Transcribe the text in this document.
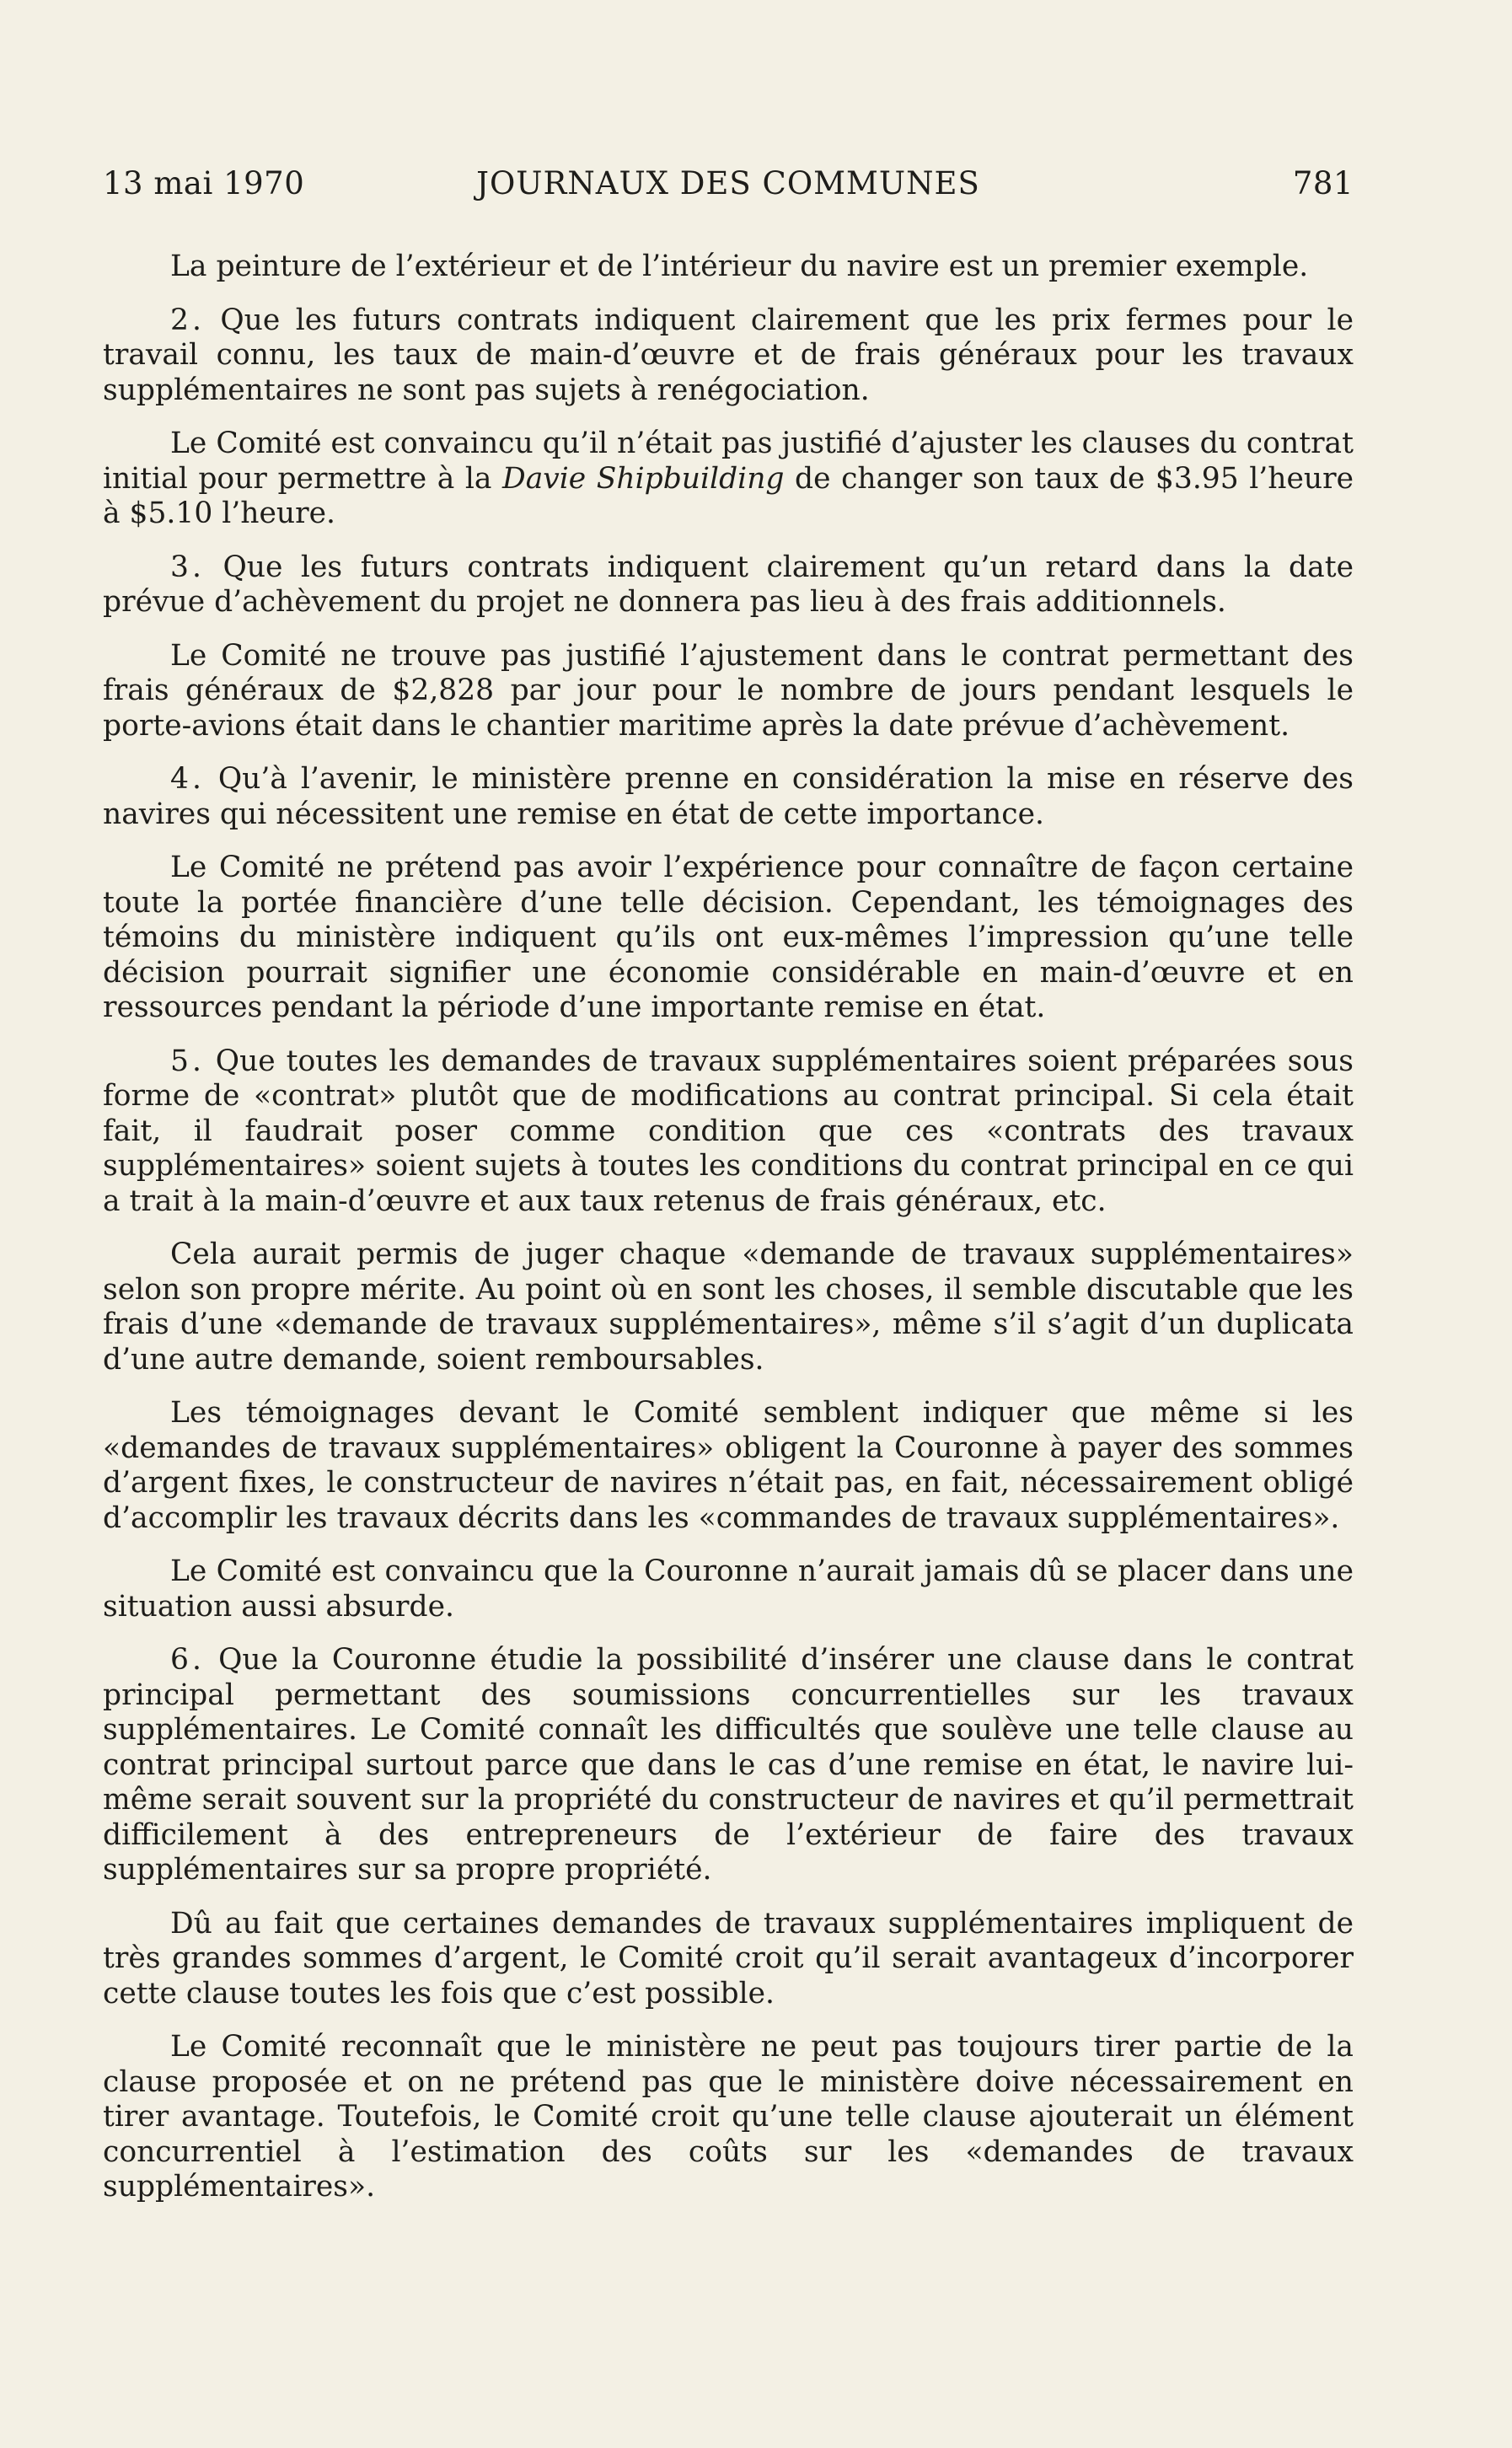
13 mai 1970	JOURNAUX DES COMMUNES	781

La peinture de l’extérieur et de l’intérieur du navire est un premier exemple.

2. Que les futurs contrats indiquent clairement que les prix fermes pour le travail connu, les taux de main-d’œuvre et de frais généraux pour les travaux supplémentaires ne sont pas sujets à renégociation.

Le Comité est convaincu qu’il n’était pas justifié d’ajuster les clauses du contrat initial pour permettre à la Davie Shipbuilding de changer son taux de $3.95 l’heure à $5.10 l’heure.

3. Que les futurs contrats indiquent clairement qu’un retard dans la date prévue d’achèvement du projet ne donnera pas lieu à des frais additionnels.

Le Comité ne trouve pas justifié l’ajustement dans le contrat permettant des frais généraux de $2,828 par jour pour le nombre de jours pendant lesquels le porte-avions était dans le chantier maritime après la date prévue d’achèvement.

4. Qu’à l’avenir, le ministère prenne en considération la mise en réserve des navires qui nécessitent une remise en état de cette importance.

Le Comité ne prétend pas avoir l’expérience pour connaître de façon certaine toute la portée financière d’une telle décision. Cependant, les témoignages des témoins du ministère indiquent qu’ils ont eux-mêmes l’impression qu’une telle décision pourrait signifier une économie considérable en main-d’œuvre et en ressources pendant la période d’une importante remise en état.

5. Que toutes les demandes de travaux supplémentaires soient préparées sous forme de «contrat» plutôt que de modifications au contrat principal. Si cela était fait, il faudrait poser comme condition que ces «contrats des travaux supplémentaires» soient sujets à toutes les conditions du contrat principal en ce qui a trait à la main-d’œuvre et aux taux retenus de frais généraux, etc.

Cela aurait permis de juger chaque «demande de travaux supplémentaires» selon son propre mérite. Au point où en sont les choses, il semble discutable que les frais d’une «demande de travaux supplémentaires», même s’il s’agit d’un duplicata d’une autre demande, soient remboursables.

Les témoignages devant le Comité semblent indiquer que même si les «demandes de travaux supplémentaires» obligent la Couronne à payer des sommes d’argent fixes, le constructeur de navires n’était pas, en fait, nécessairement obligé d’accomplir les travaux décrits dans les «commandes de travaux supplémentaires».

Le Comité est convaincu que la Couronne n’aurait jamais dû se placer dans une situation aussi absurde.

6. Que la Couronne étudie la possibilité d’insérer une clause dans le contrat principal permettant des soumissions concurrentielles sur les travaux supplémentaires. Le Comité connaît les difficultés que soulève une telle clause au contrat principal surtout parce que dans le cas d’une remise en état, le navire lui-même serait souvent sur la propriété du constructeur de navires et qu’il permettrait difficilement à des entrepreneurs de l’extérieur de faire des travaux supplémentaires sur sa propre propriété.

Dû au fait que certaines demandes de travaux supplémentaires impliquent de très grandes sommes d’argent, le Comité croit qu’il serait avantageux d’incorporer cette clause toutes les fois que c’est possible.

Le Comité reconnaît que le ministère ne peut pas toujours tirer partie de la clause proposée et on ne prétend pas que le ministère doive nécessairement en tirer avantage. Toutefois, le Comité croit qu’une telle clause ajouterait un élément concurrentiel à l’estimation des coûts sur les «demandes de travaux supplémentaires».
